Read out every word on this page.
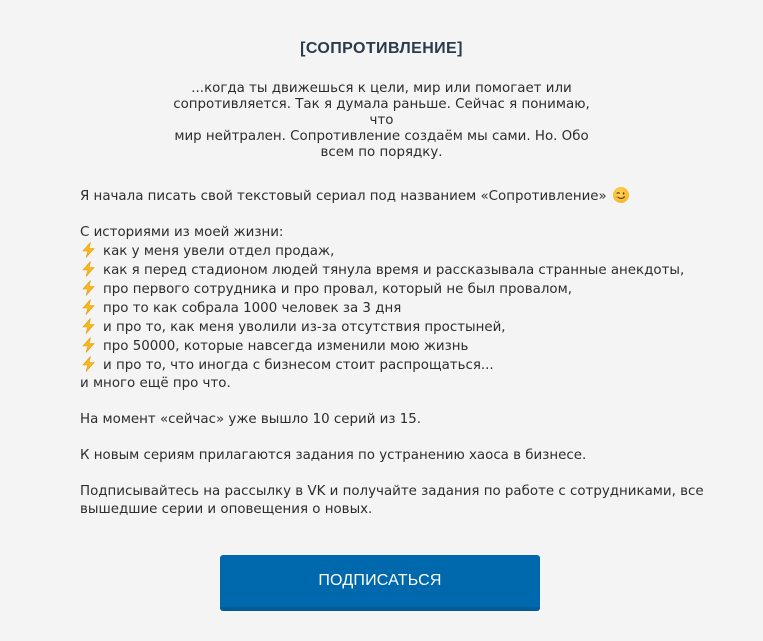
[СОПРОТИВЛЕНИЕ]
...когда ты движешься к цели, мир или помогает или
сопротивляется. Так я думала раньше. Сейчас я понимаю, что
мир нейтрален. Сопротивление создаём мы сами. Но. Обо
всем по порядку.

Я начала писать свой текстовый сериал под названием «Сопротивление»

С историями из моей жизни:

как у меня увели отдел продаж,

как я перед стадионом людей тянула время и рассказывала странные анекдоты,

про первого сотрудника и про провал, который не был провалом,

про то как собрала 1000 человек за 3 дня

и про то, как меня уволили из-за отсутствия простыней,

про 50000, которые навсегда изменили мою жизнь

и про то, что иногда с бизнесом стоит распрощаться...

и много ещё про что.

На момент «сейчас» уже вышло 10 серий из 15.

К новым сериям прилагаются задания по устранению хаоса в бизнесе.

Подписывайтесь на рассылку в VK и получайте задания по работе с сотрудниками, все

вышедшие серии и оповещения о новых.

ПОДПИСАТЬСЯ
